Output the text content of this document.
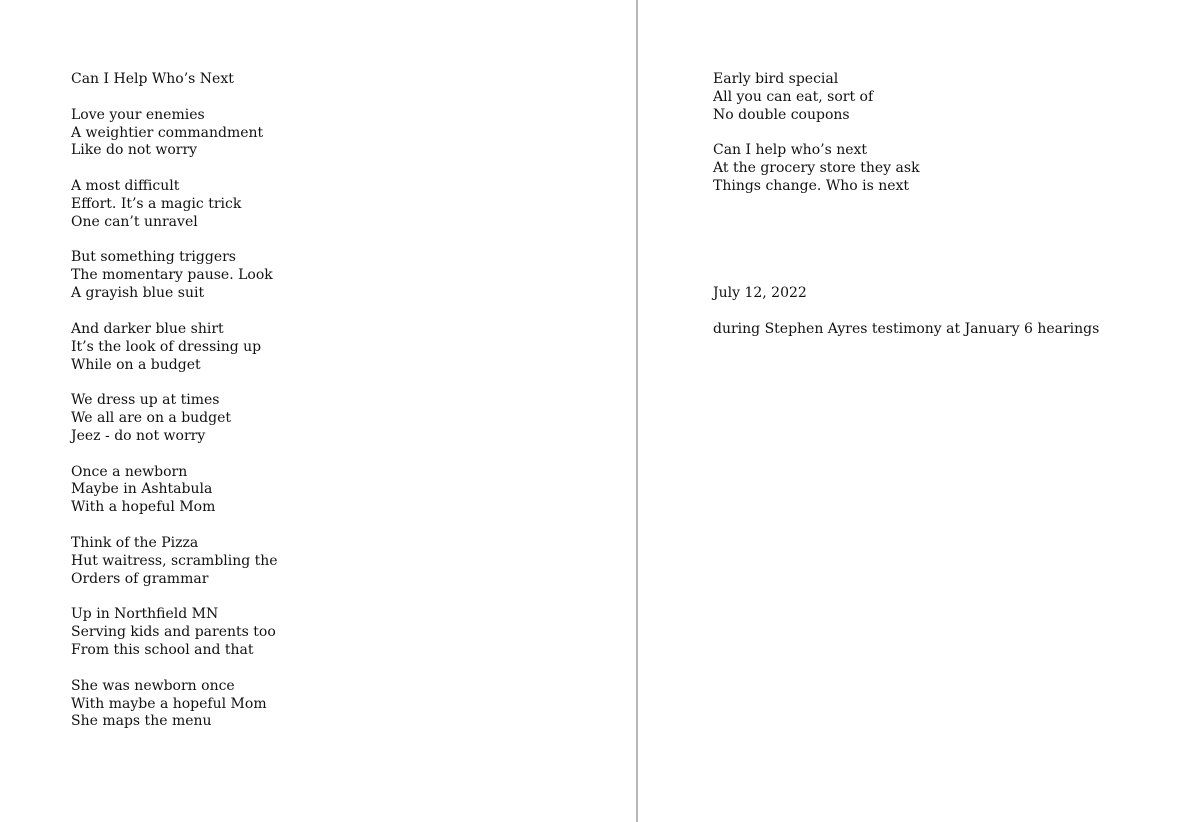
Can I Help Who’s Next
Love your enemies
A weightier commandment
Like do not worry
A most difficult
Effort. It’s a magic trick
One can’t unravel
But something triggers
The momentary pause. Look
A grayish blue suit
And darker blue shirt
It’s the look of dressing up
While on a budget
We dress up at times
We all are on a budget
Jeez - do not worry
Once a newborn
Maybe in Ashtabula
With a hopeful Mom
Think of the Pizza
Hut waitress, scrambling the
Orders of grammar
Up in Northfield MN
Serving kids and parents too
From this school and that
She was newborn once
With maybe a hopeful Mom
She maps the menu
Early bird special
All you can eat, sort of
No double coupons
Can I help who’s next
At the grocery store they ask
Things change. Who is next
July 12, 2022
during Stephen Ayres testimony at January 6 hearings
